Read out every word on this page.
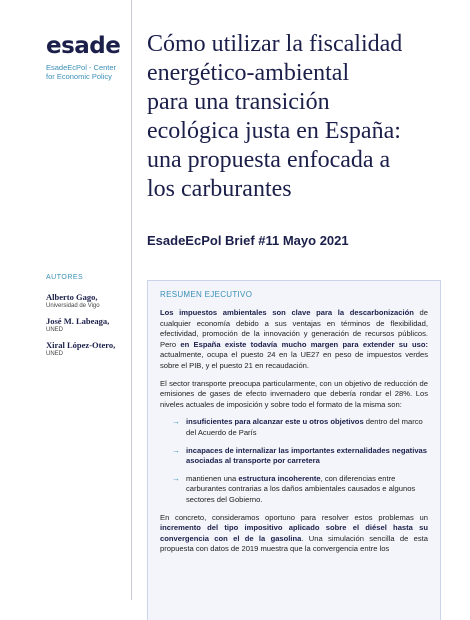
esade
EsadeEcPol - Center
for Economic Policy
AUTORES
Alberto Gago,
Universidad de Vigo
José M. Labeaga,
UNED
Xiral López-Otero,
UNED
Cómo utilizar la fiscalidad
energético-ambiental
para una transición
ecológica justa en España:
una propuesta enfocada a
los carburantes
EsadeEcPol Brief #11 Mayo 2021
RESUMEN EJECUTIVO

Los impuestos ambientales son clave para la descarbonización de cualquier economía debido a sus ventajas en términos de flexibilidad, efectividad, promoción de la innovación y generación de recursos públicos. Pero en España existe todavía mucho margen para extender su uso: actualmente, ocupa el puesto 24 en la UE27 en peso de impuestos verdes sobre el PIB, y el puesto 21 en recaudación.

El sector transporte preocupa particularmente, con un objetivo de reducción de emisiones de gases de efecto invernadero que debería rondar el 28%. Los niveles actuales de imposición y sobre todo el formato de la misma son:

→ insuficientes para alcanzar este u otros objetivos dentro del marco del Acuerdo de París
→ incapaces de internalizar las importantes externalidades negativas asociadas al transporte por carretera
→ mantienen una estructura incoherente, con diferencias entre carburantes contrarias a los daños ambientales causados e algunos sectores del Gobierno.

En concreto, consideramos oportuno para resolver estos problemas un incremento del tipo impositivo aplicado sobre el diésel hasta su convergencia con el de la gasolina. Una simulación sencilla de esta propuesta con datos de 2019 muestra que la convergencia entre los
